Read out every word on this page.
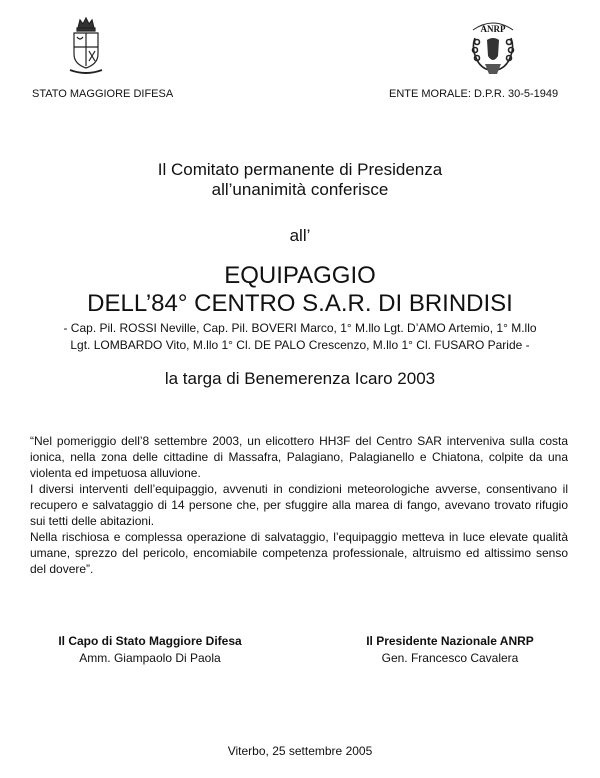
ANRP
STATO MAGGIORE DIFESA	ENTE MORALE: D.P.R. 30-5-1949
Il Comitato permanente di Presidenza
all’unanimità conferisce
all’
EQUIPAGGIO
DELL’84° CENTRO S.A.R. DI BRINDISI
- Cap. Pil. ROSSI Neville, Cap. Pil. BOVERI Marco, 1° M.llo Lgt. D’AMO Artemio, 1° M.llo
Lgt. LOMBARDO Vito, M.llo 1° Cl. DE PALO Crescenzo, M.llo 1° Cl. FUSARO Paride -
la targa di Benemerenza Icaro 2003

“Nel pomeriggio dell’8 settembre 2003, un elicottero HH3F del Centro SAR interveniva sulla costa ionica, nella zona delle cittadine di Massafra, Palagiano, Palagianello e Chiatona, colpite da una violenta ed impetuosa alluvione.

I diversi interventi dell’equipaggio, avvenuti in condizioni meteorologiche avverse, consentivano il recupero e salvataggio di 14 persone che, per sfuggire alla marea di fango, avevano trovato rifugio sui tetti delle abitazioni.

Nella rischiosa e complessa operazione di salvataggio, l’equipaggio metteva in luce elevate qualità umane, sprezzo del pericolo, encomiabile competenza professionale, altruismo ed altissimo senso del dovere”.

Il Capo di Stato Maggiore Difesa
Amm. Giampaolo Di Paola
Il Presidente Nazionale ANRP
Gen. Francesco Cavalera
Viterbo, 25 settembre 2005
